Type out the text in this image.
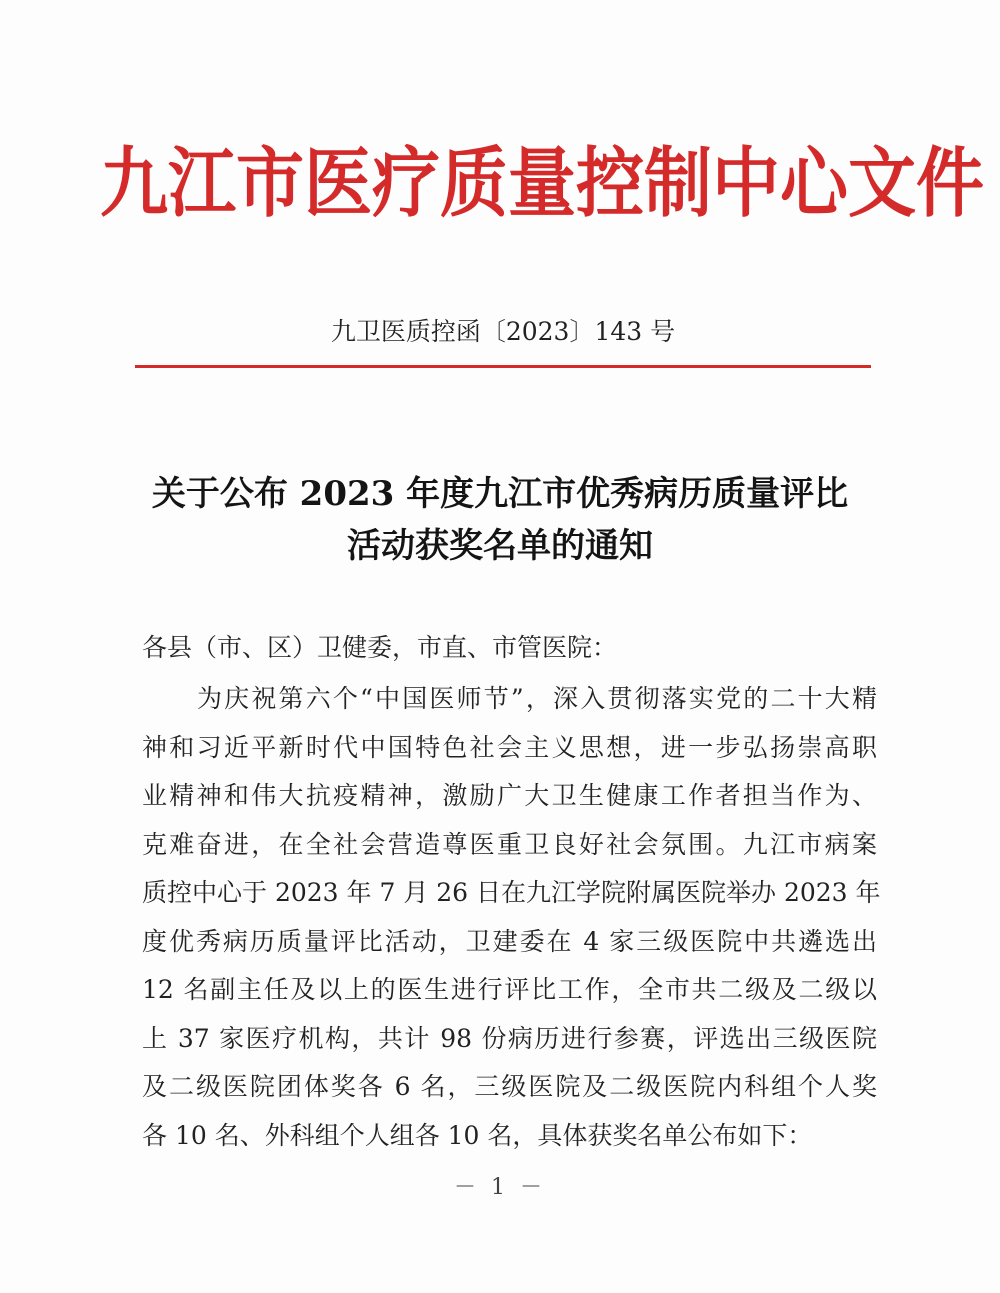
九江市医疗质量控制中心文件
九卫医质控函〔2023〕143 号
关于公布 2023 年度九江市优秀病历质量评比
活动获奖名单的通知
各县（市、区）卫健委，市直、市管医院：
为庆祝第六个“中国医师节”，深入贯彻落实党的二十大精
神和习近平新时代中国特色社会主义思想，进一步弘扬崇高职
业精神和伟大抗疫精神，激励广大卫生健康工作者担当作为、
克难奋进，在全社会营造尊医重卫良好社会氛围。九江市病案
质控中心于 2023 年 7 月 26 日在九江学院附属医院举办 2023 年
度优秀病历质量评比活动，卫建委在 4 家三级医院中共遴选出
12 名副主任及以上的医生进行评比工作，全市共二级及二级以
上 37 家医疗机构，共计 98 份病历进行参赛，评选出三级医院
及二级医院团体奖各 6 名，三级医院及二级医院内科组个人奖
各 10 名、外科组个人组各 10 名，具体获奖名单公布如下：
－ 1 －
